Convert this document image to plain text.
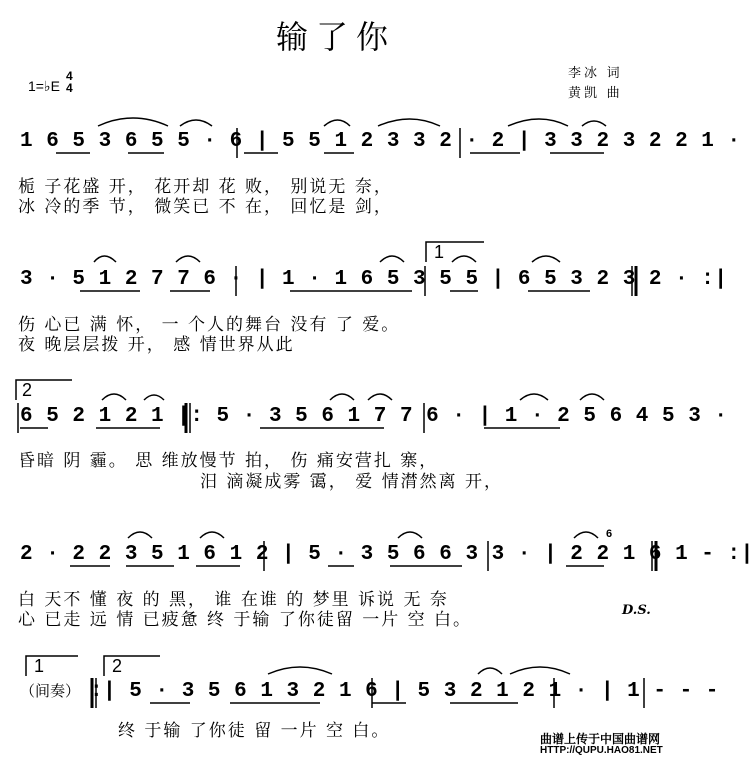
输了你
1=♭E
4
4
李冰 词
黄凯 曲
1 6 5 3 6 5 5 · 6 | 5 5 1 2 3 3 2 · 2 | 3 3 2 3 2 2 1 ·
栀 子花盛 开， 花开却 花 败， 别说无 奈，
冰 冷的季 节， 微笑已 不 在， 回忆是 剑，
3 · 5 1 2 7 7 6 · | 1 · 1 6 5 3 5 5 | 6 5 3 2 3 2 · :|
伤 心已 满 怀， 一 个人的舞台 没有 了 爱。
夜 晚层层拨 开， 感 情世界从此
6 5 2 1 2 1 |: 5 · 3 5 6 1 7 7 6 · | 1 · 2 5 6 4 5 3 ·
昏暗 阴 霾。 思 维放慢节 拍， 伤 痛安营扎 寨，
汨 滴凝成雾 霭， 爱 情潸然离 开，
2 · 2 2 3 5 1 6 1 2 | 5 · 3 5 6 6 3 3 · | 2 2 1 6 1 - :|
白 天不 懂 夜 的 黑， 谁 在谁 的 梦里 诉说 无 奈
心 已走 远 情 已疲惫 终 于输 了你徒留 一片 空 白。	D.S.
（间奏） :| 5 · 3 5 6 1 3 2 1 6 | 5 3 2 1 2 1 · | 1 - - -
终 于输 了你徒 留 一片 空 白。
1
2
1	2
6
曲谱上传于中国曲谱网
HTTP://QUPU.HAO81.NET
